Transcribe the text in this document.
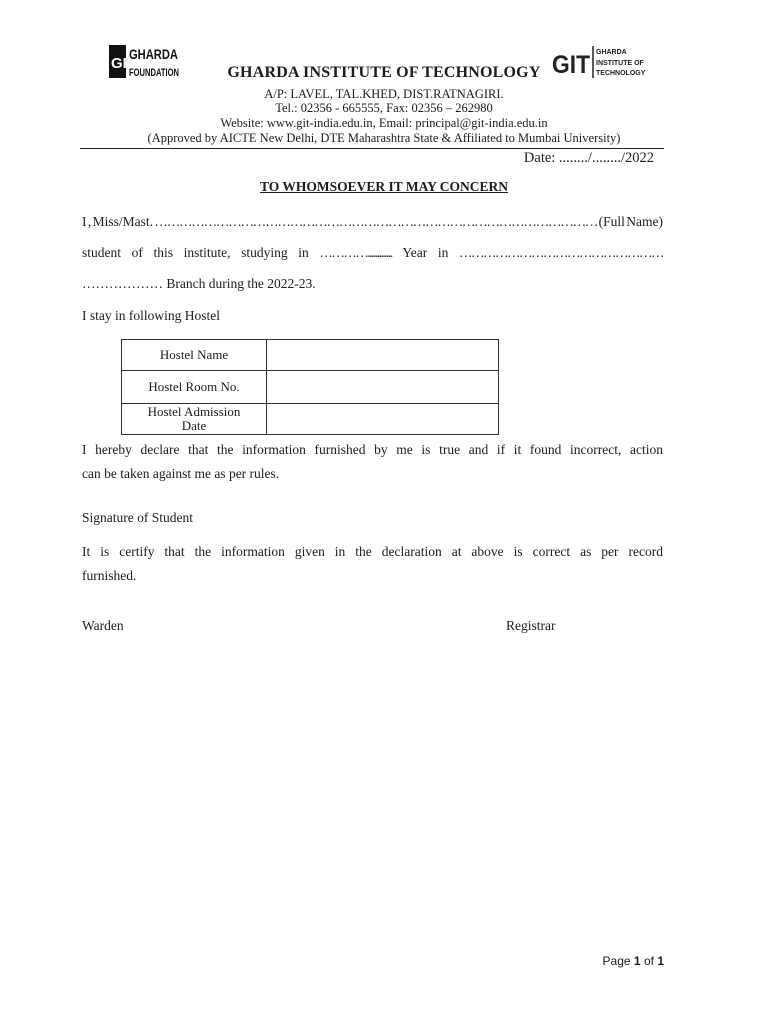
GF
GHARDA
FOUNDATION	GIT GHARDA
INSTITUTE OF
TECHNOLOGY
GHARDA INSTITUTE OF TECHNOLOGY
A/P: LAVEL, TAL.KHED, DIST.RATNAGIRI.
Tel.: 02356 - 665555, Fax: 02356 – 262980
Website: www.git-india.edu.in, Email: principal@git-india.edu.in
(Approved by AICTE New Delhi, DTE Maharashtra State & Affiliated to Mumbai University)
Date: ......../......../2022
TO WHOMSOEVER IT MAY CONCERN
I , Miss/Mast. ……………………………………………………………………………………………… (Full Name)
student of this institute, studying in …………............. Year in ……………………………………………
……………… Branch during the 2022-23.
I stay in following Hostel
Hostel Name	
Hostel Room No.	

Hostel Admission
Date	

I hereby declare that the information furnished by me is true and if it found incorrect, action
can be taken against me as per rules.
Signature of Student
It is certify that the information given in the declaration at above is correct as per record
furnished.
Warden	Registrar
Page 1 of 1
